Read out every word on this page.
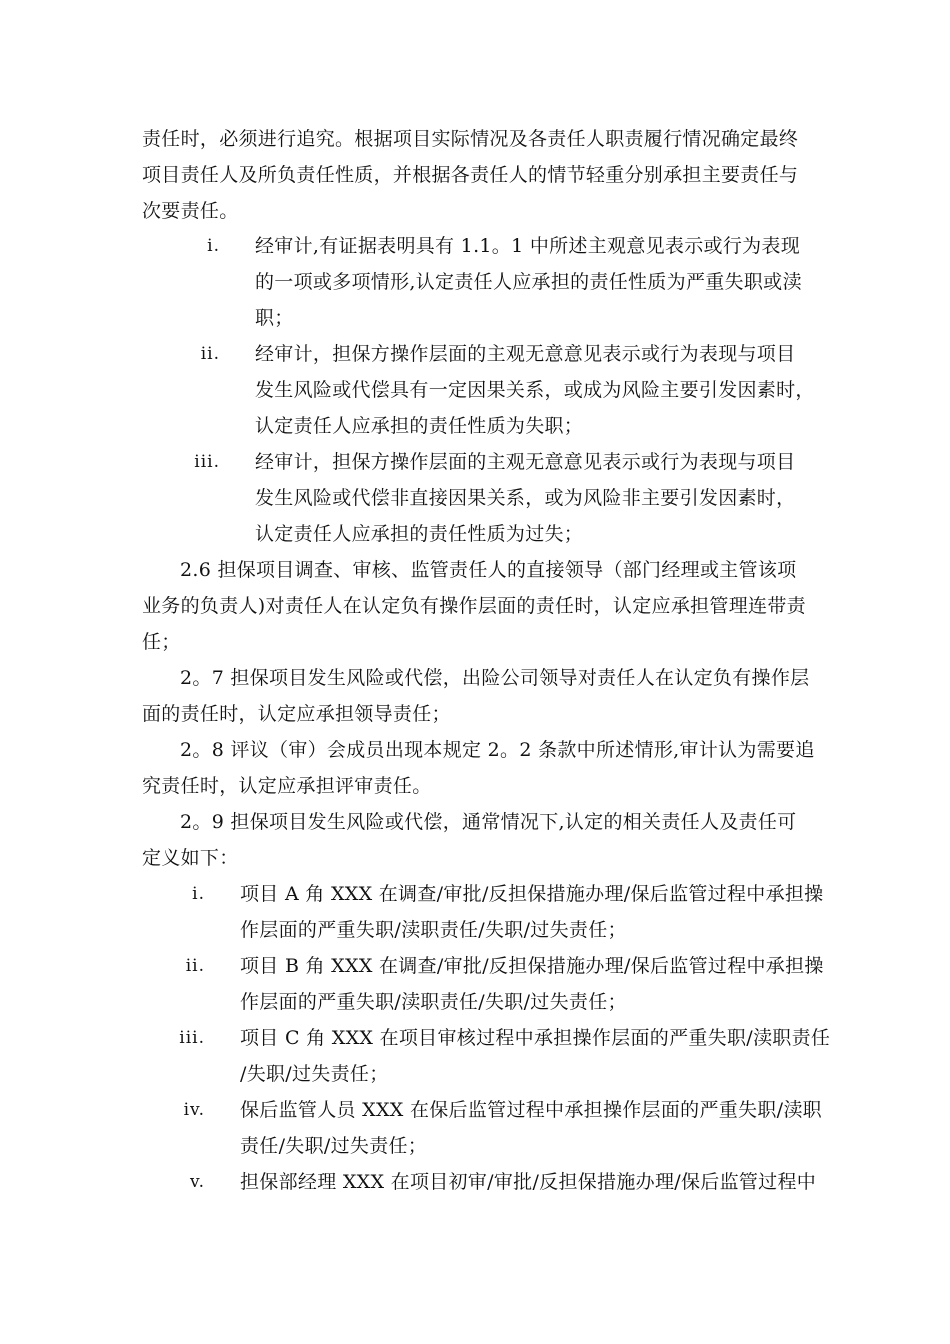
责任时，必须进行追究。根据项目实际情况及各责任人职责履行情况确定最终
项目责任人及所负责任性质，并根据各责任人的情节轻重分别承担主要责任与
次要责任。
i. 经审计,有证据表明具有 1.1。1 中所述主观意见表示或行为表现
的一项或多项情形,认定责任人应承担的责任性质为严重失职或渎
职；
ii. 经审计，担保方操作层面的主观无意意见表示或行为表现与项目
发生风险或代偿具有一定因果关系，或成为风险主要引发因素时，
认定责任人应承担的责任性质为失职；
iii. 经审计，担保方操作层面的主观无意意见表示或行为表现与项目
发生风险或代偿非直接因果关系，或为风险非主要引发因素时，
认定责任人应承担的责任性质为过失；
2.6 担保项目调查、审核、监管责任人的直接领导（部门经理或主管该项
业务的负责人)对责任人在认定负有操作层面的责任时，认定应承担管理连带责
任；
2。7 担保项目发生风险或代偿，出险公司领导对责任人在认定负有操作层
面的责任时，认定应承担领导责任；
2。8 评议（审）会成员出现本规定 2。2 条款中所述情形,审计认为需要追
究责任时，认定应承担评审责任。
2。9 担保项目发生风险或代偿，通常情况下,认定的相关责任人及责任可
定义如下：
i. 项目 A 角 XXX 在调查/审批/反担保措施办理/保后监管过程中承担操
作层面的严重失职/渎职责任/失职/过失责任；
ii. 项目 B 角 XXX 在调查/审批/反担保措施办理/保后监管过程中承担操
作层面的严重失职/渎职责任/失职/过失责任；
iii. 项目 C 角 XXX 在项目审核过程中承担操作层面的严重失职/渎职责任
/失职/过失责任；
iv. 保后监管人员 XXX 在保后监管过程中承担操作层面的严重失职/渎职
责任/失职/过失责任；
v. 担保部经理 XXX 在项目初审/审批/反担保措施办理/保后监管过程中
